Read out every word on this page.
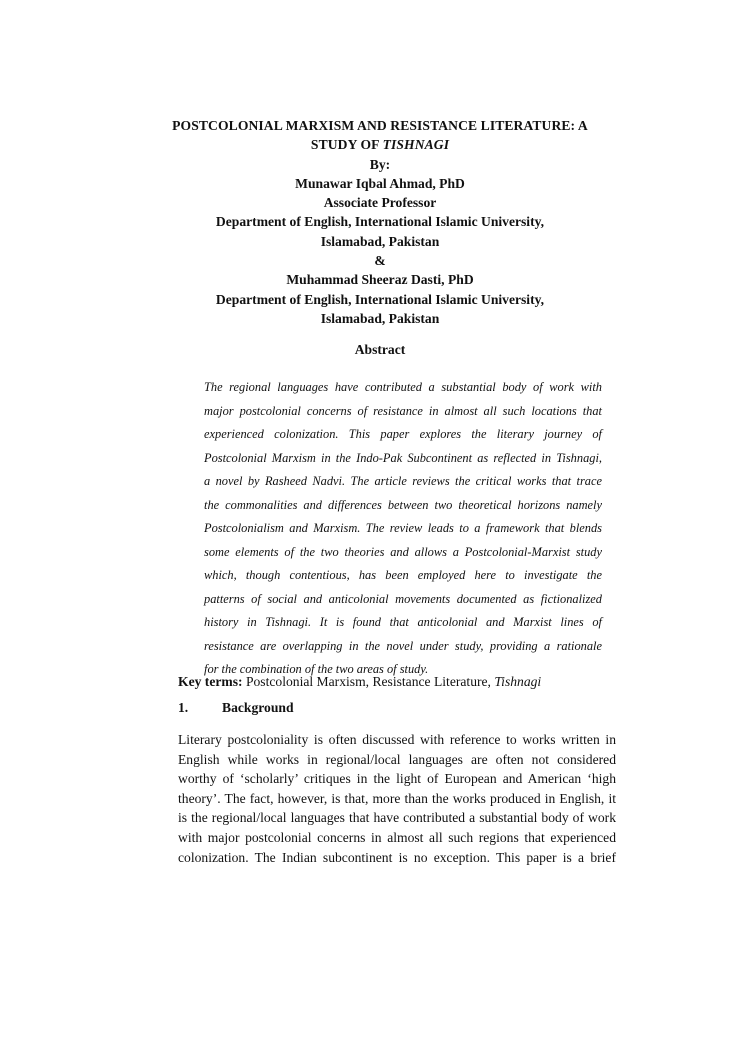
POSTCOLONIAL MARXISM AND RESISTANCE LITERATURE: A
STUDY OF TISHNAGI
By:
Munawar Iqbal Ahmad, PhD
Associate Professor
Department of English, International Islamic University,
Islamabad, Pakistan
&
Muhammad Sheeraz Dasti, PhD
Department of English, International Islamic University,
Islamabad, Pakistan
Abstract
The regional languages have contributed a substantial body of work with
major postcolonial concerns of resistance in almost all such locations that
experienced colonization. This paper explores the literary journey of
Postcolonial Marxism in the Indo-Pak Subcontinent as reflected in Tishnagi,
a novel by Rasheed Nadvi. The article reviews the critical works that trace
the commonalities and differences between two theoretical horizons namely
Postcolonialism and Marxism. The review leads to a framework that blends
some elements of the two theories and allows a Postcolonial-Marxist study
which, though contentious, has been employed here to investigate the
patterns of social and anticolonial movements documented as fictionalized
history in Tishnagi. It is found that anticolonial and Marxist lines of
resistance are overlapping in the novel under study, providing a rationale
for the combination of the two areas of study.
Key terms: Postcolonial Marxism, Resistance Literature, Tishnagi
1. Background
Literary postcoloniality is often discussed with reference to works written in
English while works in regional/local languages are often not considered
worthy of ‘scholarly’ critiques in the light of European and American ‘high
theory’. The fact, however, is that, more than the works produced in English, it
is the regional/local languages that have contributed a substantial body of work
with major postcolonial concerns in almost all such regions that experienced
colonization. The Indian subcontinent is no exception. This paper is a brief
